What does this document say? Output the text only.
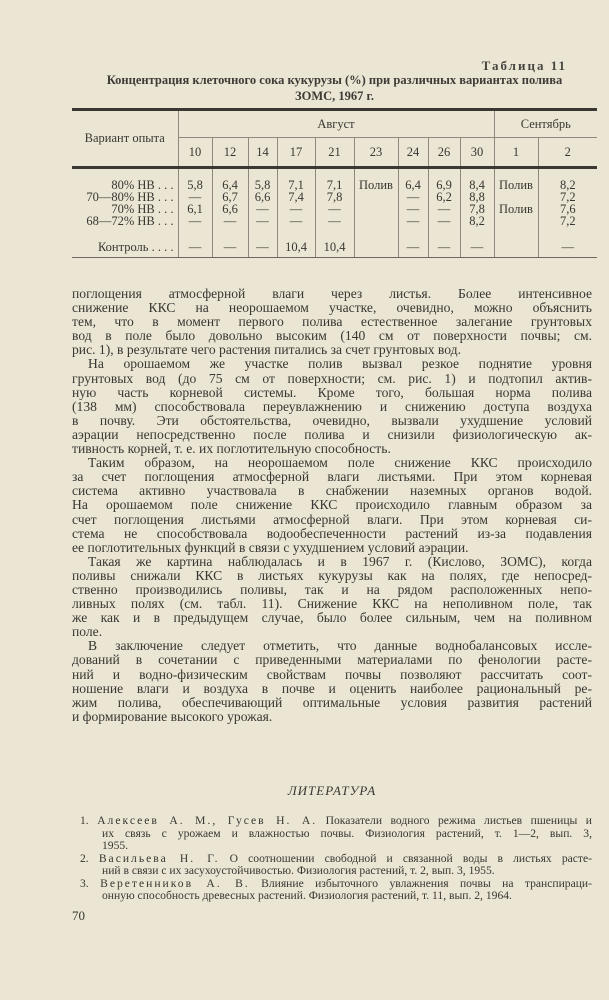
Таблица 11
Концентрация клеточного сока кукурузы (%) при различных вариантах полива
ЗОМС, 1967 г.
Вариант опыта	Август									Сентябрь	
	10	12	14	17	21	23	24	26	30	1	2

80% НВ . . .	5,8	6,4	5,8	7,1	7,1	Полив	6,4	6,9	8,4	Полив	8,2
70—80% НВ . . .	—	6,7	6,6	7,4	7,8		—	6,2	8,8		7,2
70% НВ . . .	6,1	6,6	—	—	—		—	—	7,8	Полив	7,6
68—72% НВ . . .	—	—	—	—	—		—	—	8,2		7,2

Контроль . . . .	—	—	—	10,4	10,4		—	—	—		—
поглощения атмосферной влаги через листья. Более интенсивное
снижение ККС на неорошаемом участке, очевидно, можно объяснить
тем, что в момент первого полива естественное залегание грунтовых
вод в поле было довольно высоким (140 см от поверхности почвы; см.
рис. 1), в результате чего растения питались за счет грунтовых вод.
На орошаемом же участке полив вызвал резкое поднятие уровня
грунтовых вод (до 75 см от поверхности; см. рис. 1) и подтопил актив-
ную часть корневой системы. Кроме того, большая норма полива
(138 мм) способствовала переувлажнению и снижению доступа воздуха
в почву. Эти обстоятельства, очевидно, вызвали ухудшение условий
аэрации непосредственно после полива и снизили физиологическую ак-
тивность корней, т. е. их поглотительную способность.
Таким образом, на неорошаемом поле снижение ККС происходило
за счет поглощения атмосферной влаги листьями. При этом корневая
система активно участвовала в снабжении наземных органов водой.
На орошаемом поле снижение ККС происходило главным образом за
счет поглощения листьями атмосферной влаги. При этом корневая си-
стема не способствовала водообеспеченности растений из-за подавления
ее поглотительных функций в связи с ухудшением условий аэрации.
Такая же картина наблюдалась и в 1967 г. (Кислово, ЗОМС), когда
поливы снижали ККС в листьях кукурузы как на полях, где непосред-
ственно производились поливы, так и на рядом расположенных непо-
ливных полях (см. табл. 11). Снижение ККС на неполивном поле, так
же как и в предыдущем случае, было более сильным, чем на поливном
поле.
В заключение следует отметить, что данные воднобалансовых иссле-
дований в сочетании с приведенными материалами по фенологии расте-
ний и водно-физическим свойствам почвы позволяют рассчитать соот-
ношение влаги и воздуха в почве и оценить наиболее рациональный ре-
жим полива, обеспечивающий оптимальные условия развития растений
и формирование высокого урожая.
ЛИТЕРАТУРА
1. Алексеев А. М., Гусев Н. А. Показатели водного режима листьев пшеницы и
их связь с урожаем и влажностью почвы. Физиология растений, т. 1—2, вып. 3,
1955.
2. Васильева Н. Г. О соотношении свободной и связанной воды в листьях расте-
ний в связи с их засухоустойчивостью. Физиология растений, т. 2, вып. 3, 1955.
3. Веретенников А. В. Влияние избыточного увлажнения почвы на транспираци-
онную способность древесных растений. Физиология растений, т. 11, вып. 2, 1964.
70
